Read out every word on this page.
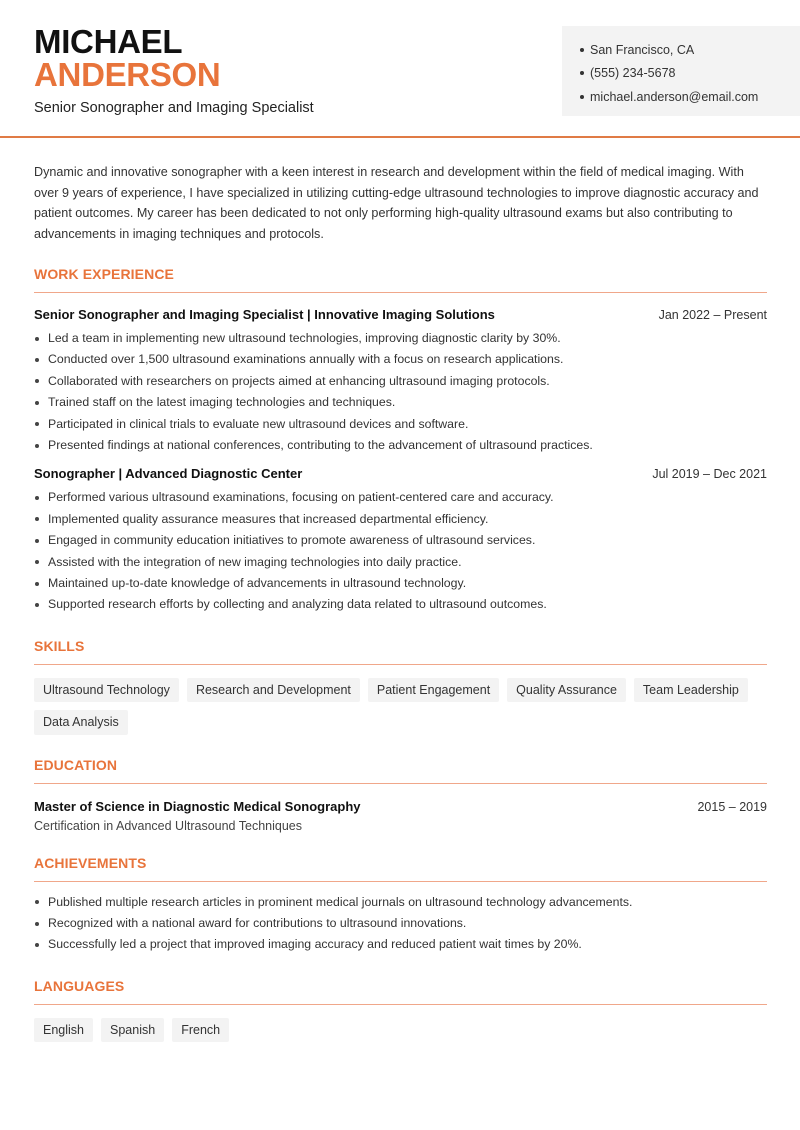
MICHAEL
ANDERSON
Senior Sonographer and Imaging Specialist
San Francisco, CA
(555) 234-5678
michael.anderson@email.com

Dynamic and innovative sonographer with a keen interest in research and development within the field of medical imaging. With over 9 years of experience, I have specialized in utilizing cutting-edge ultrasound technologies to improve diagnostic accuracy and patient outcomes. My career has been dedicated to not only performing high-quality ultrasound exams but also contributing to advancements in imaging techniques and protocols.

WORK EXPERIENCE
Senior Sonographer and Imaging Specialist | Innovative Imaging Solutions	Jan 2022 – Present
Led a team in implementing new ultrasound technologies, improving diagnostic clarity by 30%.
Conducted over 1,500 ultrasound examinations annually with a focus on research applications.
Collaborated with researchers on projects aimed at enhancing ultrasound imaging protocols.
Trained staff on the latest imaging technologies and techniques.
Participated in clinical trials to evaluate new ultrasound devices and software.
Presented findings at national conferences, contributing to the advancement of ultrasound practices.
Sonographer | Advanced Diagnostic Center	Jul 2019 – Dec 2021
Performed various ultrasound examinations, focusing on patient-centered care and accuracy.
Implemented quality assurance measures that increased departmental efficiency.
Engaged in community education initiatives to promote awareness of ultrasound services.
Assisted with the integration of new imaging technologies into daily practice.
Maintained up-to-date knowledge of advancements in ultrasound technology.
Supported research efforts by collecting and analyzing data related to ultrasound outcomes.
SKILLS
Ultrasound Technology	Research and Development	Patient Engagement	Quality Assurance	Team Leadership
Data Analysis
EDUCATION
Master of Science in Diagnostic Medical Sonography	2015 – 2019
Certification in Advanced Ultrasound Techniques
ACHIEVEMENTS
Published multiple research articles in prominent medical journals on ultrasound technology advancements.
Recognized with a national award for contributions to ultrasound innovations.
Successfully led a project that improved imaging accuracy and reduced patient wait times by 20%.
LANGUAGES
English	Spanish	French
